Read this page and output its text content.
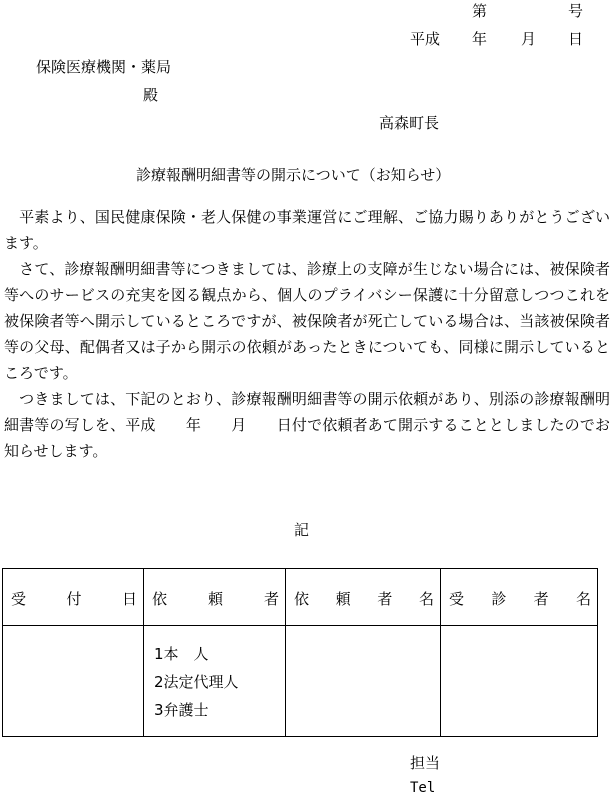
第	号
平成 年 月 日
保険医療機関・薬局
殿
高森町長
診療報酬明細書等の開示について（お知らせ）

　平素より、国民健康保険・老人保健の事業運営にご理解、ご協力賜りありがとうございます。

　さて、診療報酬明細書等につきましては、診療上の支障が生じない場合には、被保険者等へのサービスの充実を図る観点から、個人のプライバシー保護に十分留意しつつこれを被保険者等へ開示しているところですが、被保険者が死亡している場合は、当該被保険者等の父母、配偶者又は子から開示の依頼があったときについても、同様に開示しているところです。

　つきましては、下記のとおり、診療報酬明細書等の開示依頼があり、別添の診療報酬明細書等の写しを、平成　　年　　月　　日付で依頼者あて開示することとしましたのでお知らせします。

記
受 付 日	依 頼 者	依 頼 者 名	受 診 者 名

	1本　人
2法定代理人
3弁護士		

担当
Tel
